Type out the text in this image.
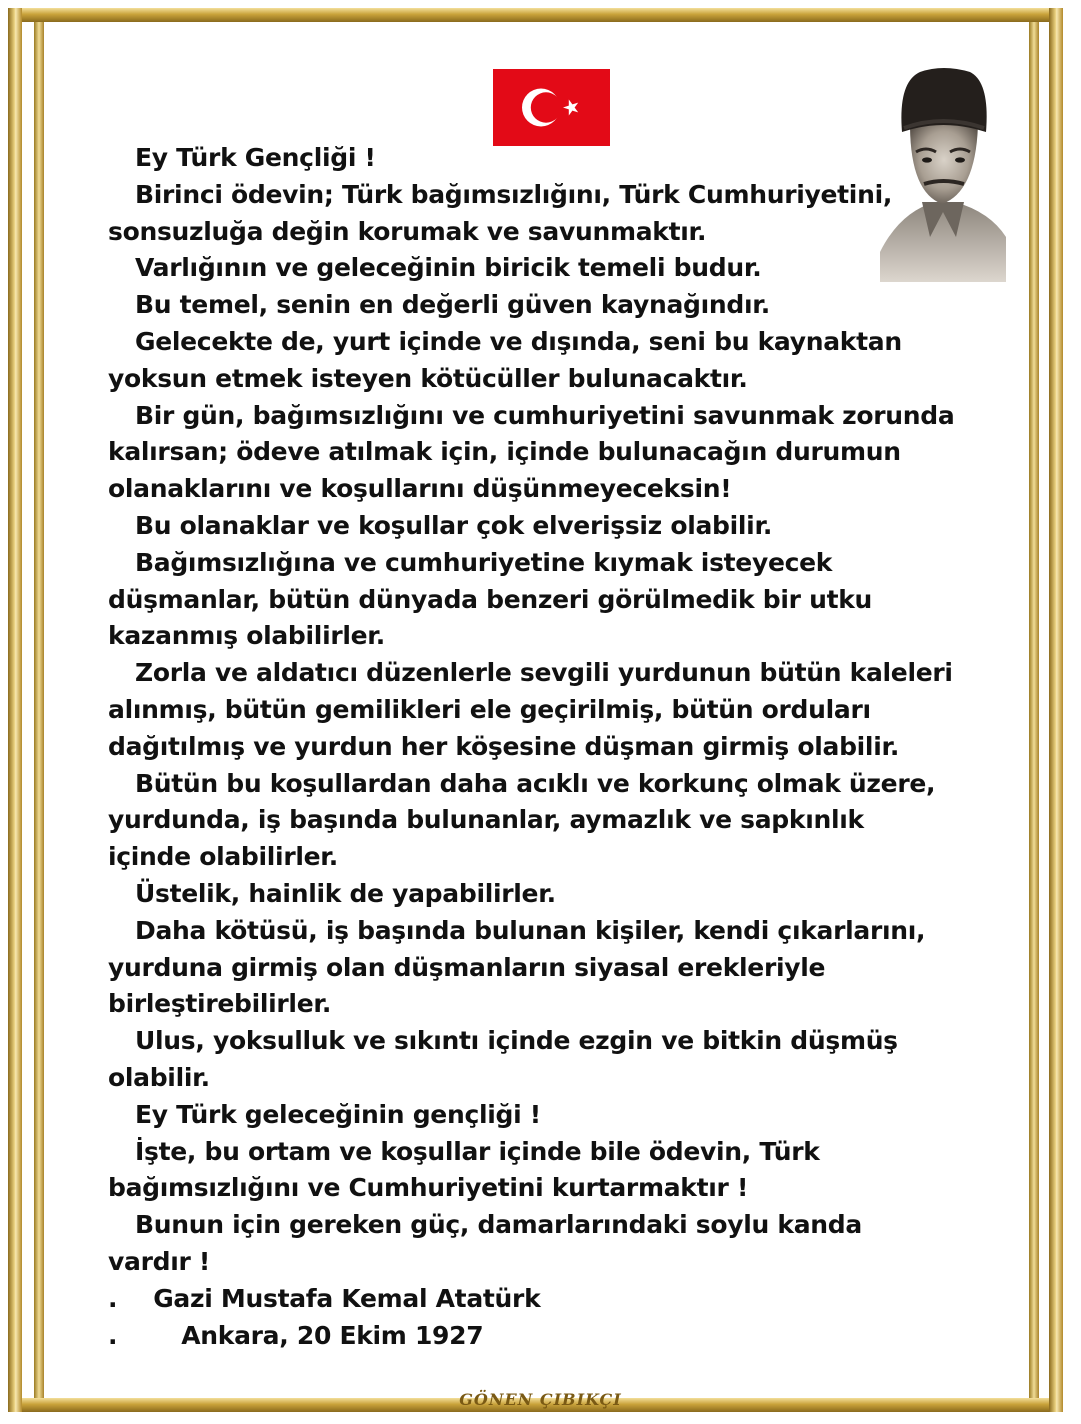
Ey Türk Gençliği !
Birinci ödevin; Türk bağımsızlığını, Türk Cumhuriyetini,
sonsuzluğa değin korumak ve savunmaktır.
Varlığının ve geleceğinin biricik temeli budur.
Bu temel, senin en değerli güven kaynağındır.
Gelecekte de, yurt içinde ve dışında, seni bu kaynaktan
yoksun etmek isteyen kötücüller bulunacaktır.
Bir gün, bağımsızlığını ve cumhuriyetini savunmak zorunda
kalırsan; ödeve atılmak için, içinde bulunacağın durumun
olanaklarını ve koşullarını düşünmeyeceksin!
Bu olanaklar ve koşullar çok elverişsiz olabilir.
Bağımsızlığına ve cumhuriyetine kıymak isteyecek
düşmanlar, bütün dünyada benzeri görülmedik bir utku
kazanmış olabilirler.
Zorla ve aldatıcı düzenlerle sevgili yurdunun bütün kaleleri
alınmış, bütün gemilikleri ele geçirilmiş, bütün orduları
dağıtılmış ve yurdun her köşesine düşman girmiş olabilir.
Bütün bu koşullardan daha acıklı ve korkunç olmak üzere,
yurdunda, iş başında bulunanlar, aymazlık ve sapkınlık
içinde olabilirler.
Üstelik, hainlik de yapabilirler.
Daha kötüsü, iş başında bulunan kişiler, kendi çıkarlarını,
yurduna girmiş olan düşmanların siyasal erekleriyle
birleştirebilirler.
Ulus, yoksulluk ve sıkıntı içinde ezgin ve bitkin düşmüş
olabilir.
Ey Türk geleceğinin gençliği !
İşte, bu ortam ve koşullar içinde bile ödevin, Türk
bağımsızlığını ve Cumhuriyetini kurtarmaktır !
Bunun için gereken güç, damarlarındaki soylu kanda
vardır !
. Gazi Mustafa Kemal Atatürk
.	Ankara, 20 Ekim 1927
GÖNEN ÇIBIKÇI
